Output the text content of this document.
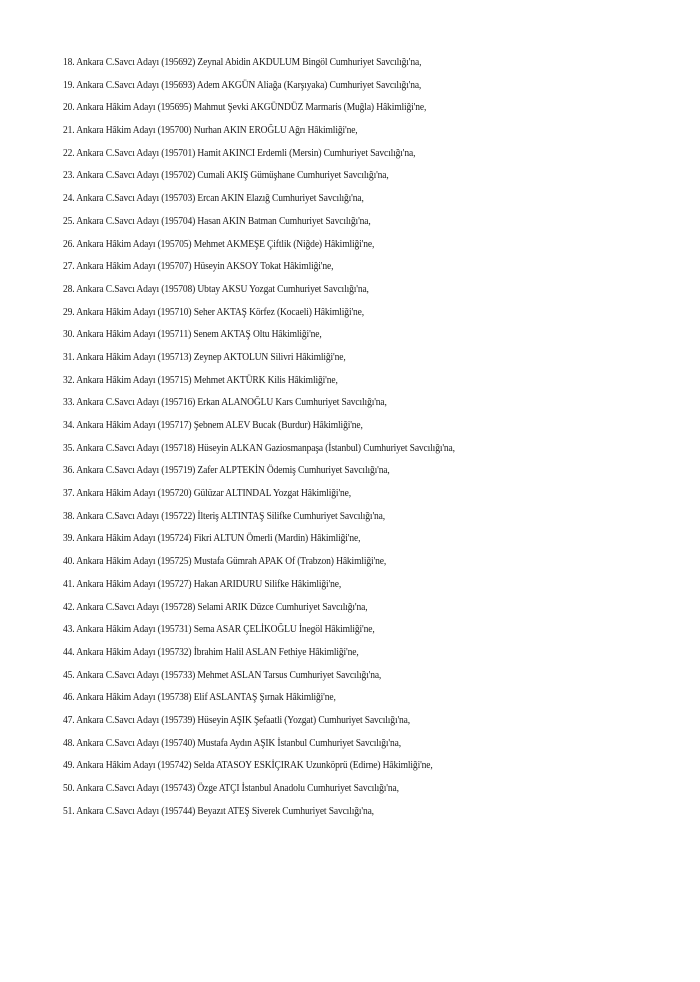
18. Ankara C.Savcı Adayı (195692) Zeynal Abidin AKDULUM Bingöl Cumhuriyet Savcılığı'na,
19. Ankara C.Savcı Adayı (195693) Adem AKGÜN Aliağa (Karşıyaka) Cumhuriyet Savcılığı'na,
20. Ankara Hâkim Adayı (195695) Mahmut Şevki AKGÜNDÜZ Marmaris (Muğla) Hâkimliği'ne,
21. Ankara Hâkim Adayı (195700) Nurhan AKIN EROĞLU Ağrı Hâkimliği'ne,
22. Ankara C.Savcı Adayı (195701) Hamit AKINCI Erdemli (Mersin) Cumhuriyet Savcılığı'na,
23. Ankara C.Savcı Adayı (195702) Cumali AKIŞ Gümüşhane Cumhuriyet Savcılığı'na,
24. Ankara C.Savcı Adayı (195703) Ercan AKIN Elazığ Cumhuriyet Savcılığı'na,
25. Ankara C.Savcı Adayı (195704) Hasan AKIN Batman Cumhuriyet Savcılığı'na,
26. Ankara Hâkim Adayı (195705) Mehmet AKMEŞE Çiftlik (Niğde) Hâkimliği'ne,
27. Ankara Hâkim Adayı (195707) Hüseyin AKSOY Tokat Hâkimliği'ne,
28. Ankara C.Savcı Adayı (195708) Ubtay AKSU Yozgat Cumhuriyet Savcılığı'na,
29. Ankara Hâkim Adayı (195710) Seher AKTAŞ Körfez (Kocaeli) Hâkimliği'ne,
30. Ankara Hâkim Adayı (195711) Senem AKTAŞ Oltu Hâkimliği'ne,
31. Ankara Hâkim Adayı (195713) Zeynep AKTOLUN Silivri Hâkimliği'ne,
32. Ankara Hâkim Adayı (195715) Mehmet AKTÜRK Kilis Hâkimliği'ne,
33. Ankara C.Savcı Adayı (195716) Erkan ALANOĞLU Kars Cumhuriyet Savcılığı'na,
34. Ankara Hâkim Adayı (195717) Şebnem ALEV Bucak (Burdur) Hâkimliği'ne,
35. Ankara C.Savcı Adayı (195718) Hüseyin ALKAN Gaziosmanpaşa (İstanbul) Cumhuriyet Savcılığı'na,
36. Ankara C.Savcı Adayı (195719) Zafer ALPTEKİN Ödemiş Cumhuriyet Savcılığı'na,
37. Ankara Hâkim Adayı (195720) Gülüzar ALTINDAL Yozgat Hâkimliği'ne,
38. Ankara C.Savcı Adayı (195722) İlteriş ALTINTAŞ Silifke Cumhuriyet Savcılığı'na,
39. Ankara Hâkim Adayı (195724) Fikri ALTUN Ömerli (Mardin) Hâkimliği'ne,
40. Ankara Hâkim Adayı (195725) Mustafa Gümrah APAK Of (Trabzon) Hâkimliği'ne,
41. Ankara Hâkim Adayı (195727) Hakan ARIDURU Silifke Hâkimliği'ne,
42. Ankara C.Savcı Adayı (195728) Selami ARIK Düzce Cumhuriyet Savcılığı'na,
43. Ankara Hâkim Adayı (195731) Sema ASAR ÇELİKOĞLU İnegöl Hâkimliği'ne,
44. Ankara Hâkim Adayı (195732) İbrahim Halil ASLAN Fethiye Hâkimliği'ne,
45. Ankara C.Savcı Adayı (195733) Mehmet ASLAN Tarsus Cumhuriyet Savcılığı'na,
46. Ankara Hâkim Adayı (195738) Elif ASLANTAŞ Şırnak Hâkimliği'ne,
47. Ankara C.Savcı Adayı (195739) Hüseyin AŞIK Şefaatli (Yozgat) Cumhuriyet Savcılığı'na,
48. Ankara C.Savcı Adayı (195740) Mustafa Aydın AŞIK İstanbul Cumhuriyet Savcılığı'na,
49. Ankara Hâkim Adayı (195742) Selda ATASOY ESKİÇIRAK Uzunköprü (Edirne) Hâkimliği'ne,
50. Ankara C.Savcı Adayı (195743) Özge ATÇI İstanbul Anadolu Cumhuriyet Savcılığı'na,
51. Ankara C.Savcı Adayı (195744) Beyazıt ATEŞ Siverek Cumhuriyet Savcılığı'na,
